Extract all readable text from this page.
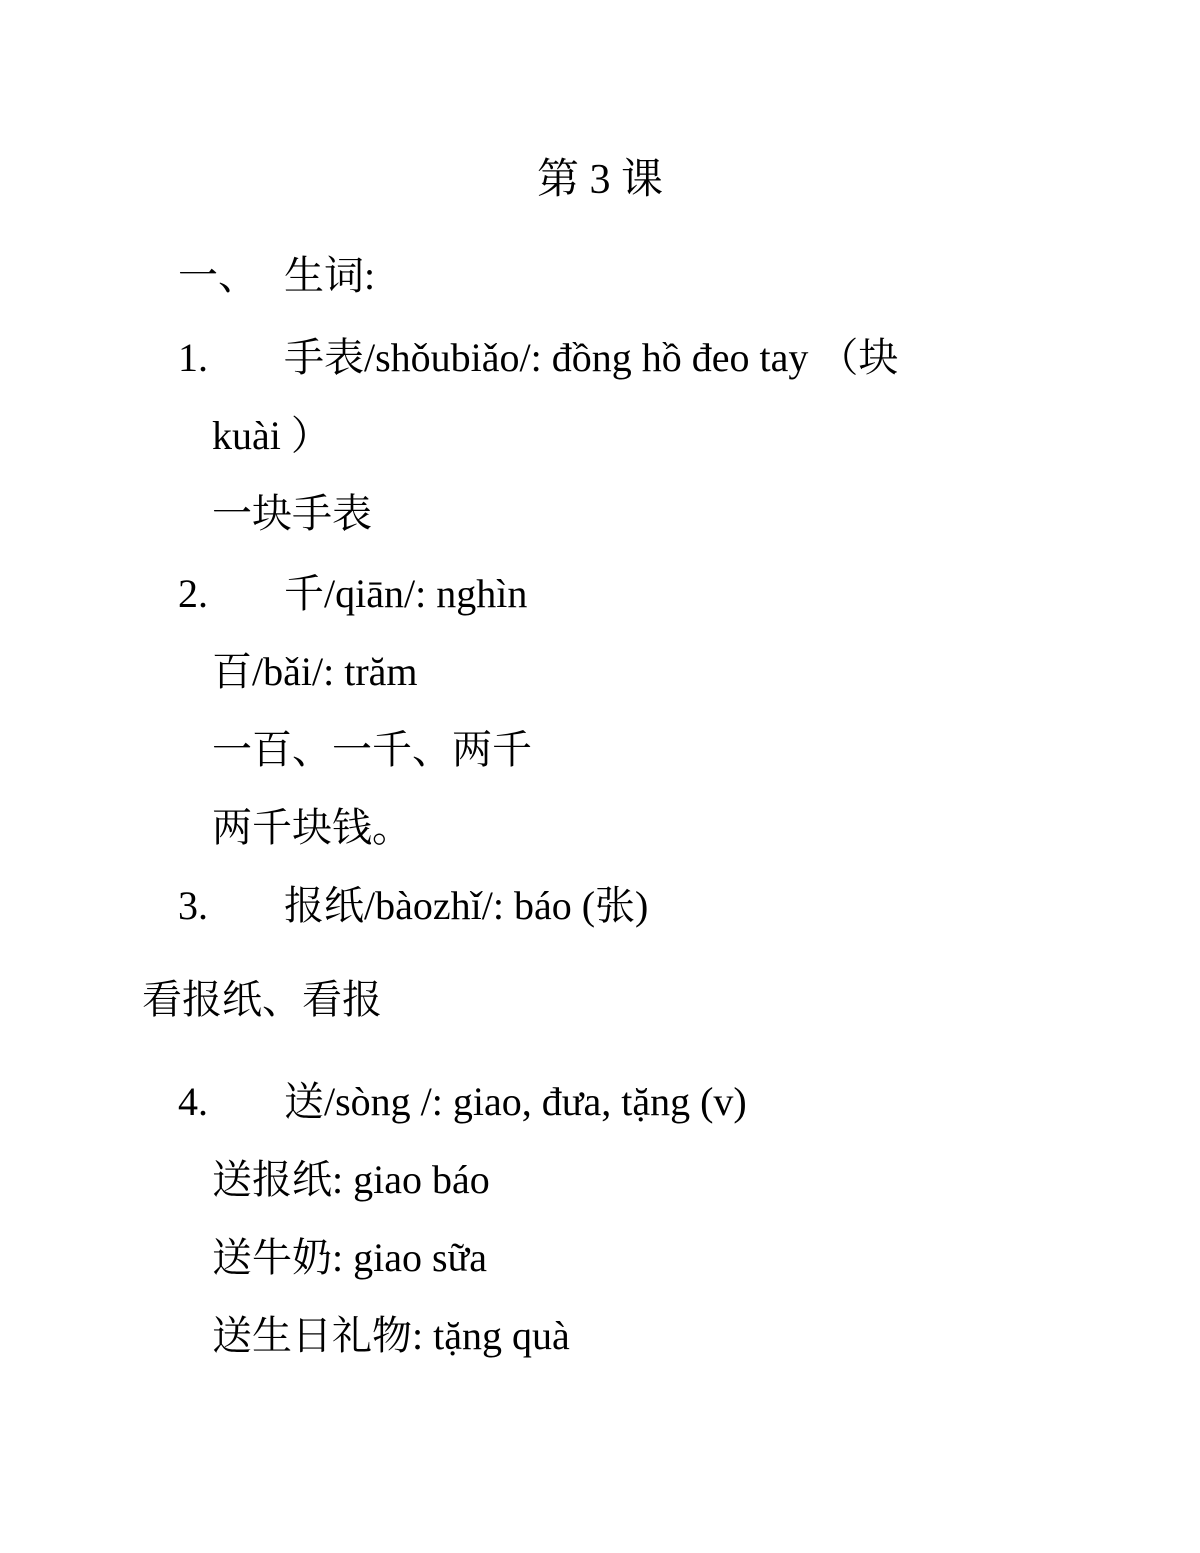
第 3 课
一、 生词:
1. 手表/shǒubiǎo/: đồng hồ đeo tay （块
kuài ）
一块手表
2. 千/qiān/: nghìn
百/bǎi/: trăm
一百、一千、两千
两千块钱。
3. 报纸/bàozhǐ/: báo (张)
看报纸、看报
4. 送/sòng /: giao, đưa, tặng (v)
送报纸: giao báo
送牛奶: giao sữa
送生日礼物: tặng quà
